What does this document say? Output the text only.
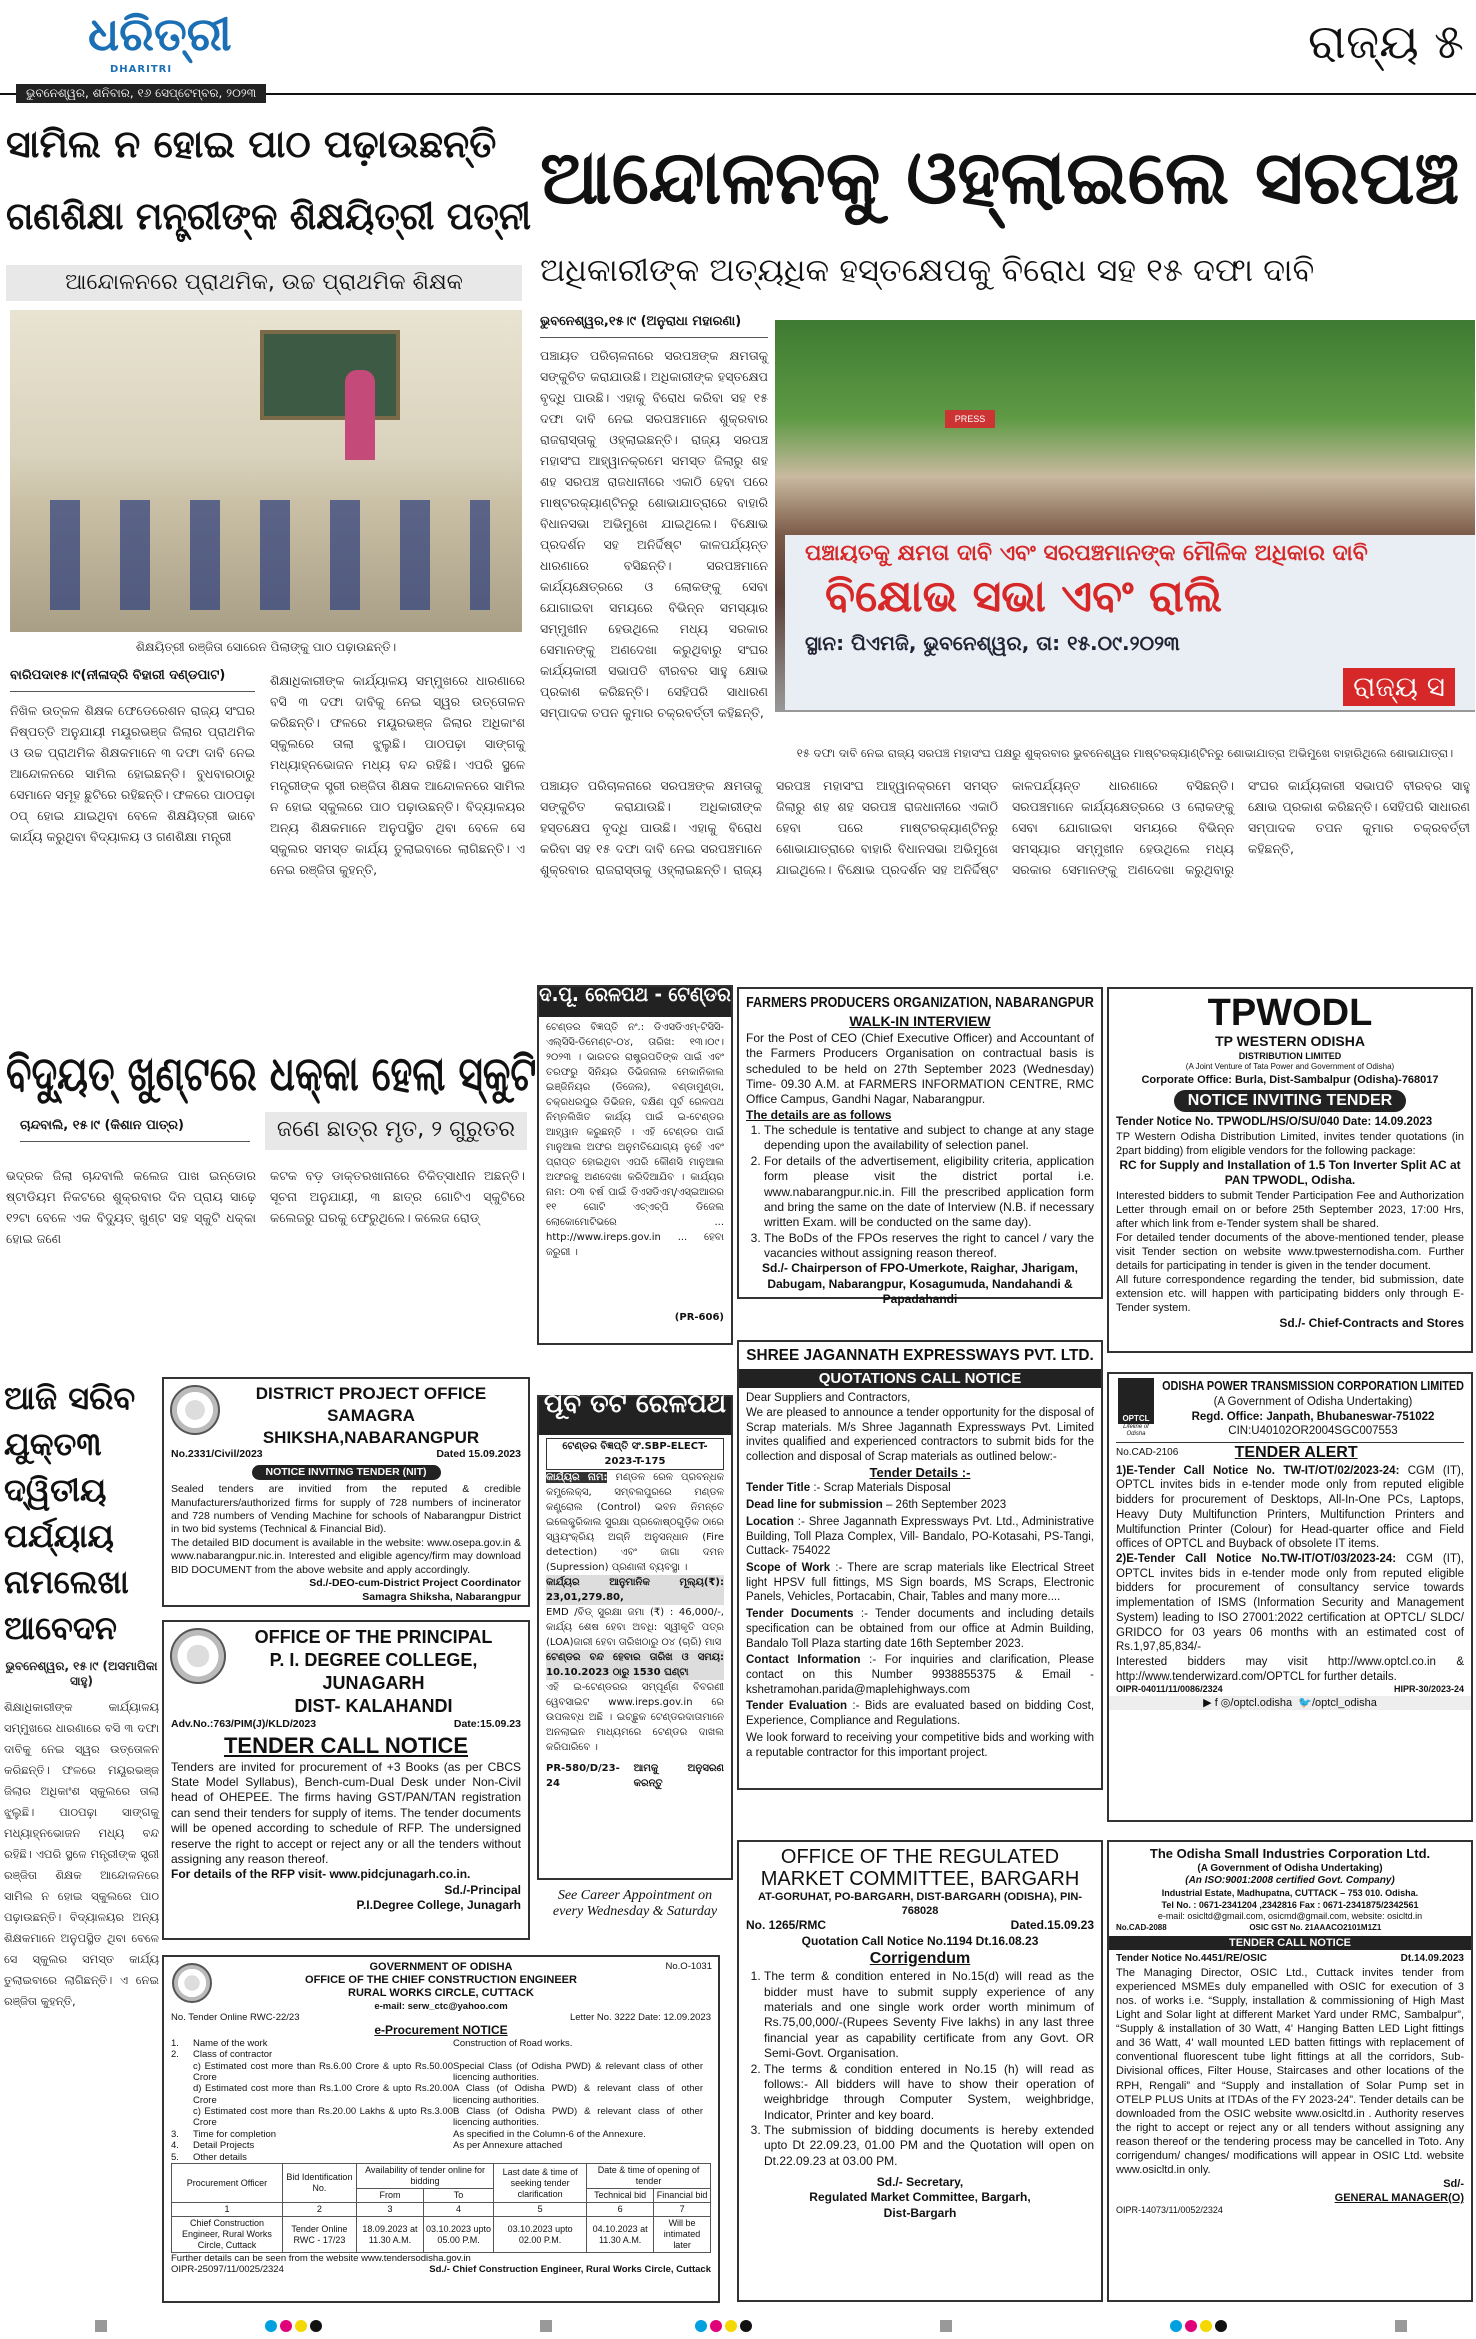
ଧରିତ୍ରୀ
DHARITRI	ରାଜ୍ୟ ୫
ଭୁବନେଶ୍ୱର, ଶନିବାର, ୧୬ ସେପ୍ଟେମ୍ବର, ୨୦୨୩
ସାମିଲ ନ ହୋଇ ପାଠ ପଢ଼ାଉଛନ୍ତି
ଗଣଶିକ୍ଷା ମନ୍ତ୍ରୀଙ୍କ ଶିକ୍ଷୟିତ୍ରୀ ପତ୍ନୀ
ଆନ୍ଦୋଳନରେ ପ୍ରାଥମିକ, ଉଚ୍ଚ ପ୍ରାଥମିକ ଶିକ୍ଷକ
ଶିକ୍ଷୟିତ୍ରୀ ରଞ୍ଜିତା ସୋରେନ ପିଲାଙ୍କୁ ପାଠ ପଢ଼ାଉଛନ୍ତି।
ବାରିପଦା୧୫।୯(ନୀଳାଦ୍ରି ବିହାରୀ ଦଣ୍ଡପାଟ)
ନିଖିଳ ଉତ୍କଳ ଶିକ୍ଷକ ଫେଡେରେଶନ ରାଜ୍ୟ ସଂଘର ନିଷ୍ପତ୍ତି ଅନୁଯାୟୀ ମୟୂରଭଞ୍ଜ ଜିଲାର ପ୍ରାଥମିକ ଓ ଉଚ୍ଚ ପ୍ରାଥମିକ ଶିକ୍ଷକମାନେ ୩ ଦଫା ଦାବି ନେଇ ଆନ୍ଦୋଳନରେ ସାମିଲ ହୋଇଛନ୍ତି। ବୁଧବାରଠାରୁ ସେମାନେ ସମୂହ ଛୁଟିରେ ରହିଛନ୍ତି। ଫଳରେ ପାଠପଢ଼ା ଠପ୍ ହୋଇ ଯାଇଥିବା ବେଳେ ଶିକ୍ଷୟିତ୍ରୀ ଭାବେ କାର୍ଯ୍ୟ କରୁଥିବା ବିଦ୍ୟାଳୟ ଓ ଗଣଶିକ୍ଷା ମନ୍ତ୍ରୀ
ଶିକ୍ଷାଧିକାରୀଙ୍କ କାର୍ଯ୍ୟାଳୟ ସମ୍ମୁଖରେ ଧାରଣାରେ ବସି ୩ ଦଫା ଦାବିକୁ ନେଇ ସ୍ୱର ଉତ୍ତୋଳନ କରିଛନ୍ତି। ଫଳରେ ମୟୂରଭଞ୍ଜ ଜିଲାର ଅଧିକାଂଶ ସ୍କୁଲରେ ତାଲା ଝୁଲୁଛି। ପାଠପଢ଼ା ସାଙ୍ଗକୁ ମଧ୍ୟାହ୍ନଭୋଜନ ମଧ୍ୟ ବନ୍ଦ ରହିଛି। ଏପରି ସ୍ଥଳେ ମନ୍ତ୍ରୀଙ୍କ ସ୍ତ୍ରୀ ରଞ୍ଜିତା ଶିକ୍ଷକ ଆନ୍ଦୋଳନରେ ସାମିଲ ନ ହୋଇ ସ୍କୁଲରେ ପାଠ ପଢ଼ାଉଛନ୍ତି। ବିଦ୍ୟାଳୟର ଅନ୍ୟ ଶିକ୍ଷକମାନେ ଅନୁପସ୍ଥିତ ଥିବା ବେଳେ ସେ ସ୍କୁଲର ସମସ୍ତ କାର୍ଯ୍ୟ ତୁଲାଇବାରେ ଲାଗିଛନ୍ତି। ଏ ନେଇ ରଞ୍ଜିତା କୁହନ୍ତି,
ଆନ୍ଦୋଳନକୁ ଓହ୍ଲାଇଲେ ସରପଞ୍ଚ
ଅଧିକାରୀଙ୍କ ଅତ୍ୟଧିକ ହସ୍ତକ୍ଷେପକୁ ବିରୋଧ ସହ ୧୫ ଦଫା ଦାବି
ଭୁବନେଶ୍ୱର,୧୫।୯ (ଅନୁରାଧା ମହାରଣା)
ପଞ୍ଚାୟତ ପରିଚାଳନାରେ ସରପଞ୍ଚଙ୍କ କ୍ଷମତାକୁ ସଙ୍କୁଚିତ କରାଯାଉଛି। ଅଧିକାରୀଙ୍କ ହସ୍ତକ୍ଷେପ ବୃଦ୍ଧି ପାଉଛି। ଏହାକୁ ବିରୋଧ କରିବା ସହ ୧୫ ଦଫା ଦାବି ନେଇ ସରପଞ୍ଚମାନେ ଶୁକ୍ରବାର ରାଜରାସ୍ତାକୁ ଓହ୍ଲାଇଛନ୍ତି। ରାଜ୍ୟ ସରପଞ୍ଚ ମହାସଂଘ ଆହ୍ୱାନକ୍ରମେ ସମସ୍ତ ଜିଲାରୁ ଶହ ଶହ ସରପଞ୍ଚ ରାଜଧାନୀରେ ଏକାଠି ହେବା ପରେ ମାଷ୍ଟରକ୍ୟାଣ୍ଟିନରୁ ଶୋଭାଯାତ୍ରାରେ ବାହାରି ବିଧାନସଭା ଅଭିମୁଖେ ଯାଇଥିଲେ। ବିକ୍ଷୋଭ ପ୍ରଦର୍ଶନ ସହ ଅନିର୍ଦ୍ଦିଷ୍ଟ କାଳପର୍ଯ୍ୟନ୍ତ ଧାରଣାରେ ବସିଛନ୍ତି। ସରପଞ୍ଚମାନେ କାର୍ଯ୍ୟକ୍ଷେତ୍ରରେ ଓ ଲୋକଙ୍କୁ ସେବା ଯୋଗାଇବା ସମୟରେ ବିଭିନ୍ନ ସମସ୍ୟାର ସମ୍ମୁଖୀନ ହେଉଥିଲେ ମଧ୍ୟ ସରକାର ସେମାନଙ୍କୁ ଅଣଦେଖା କରୁଥିବାରୁ ସଂଘର କାର୍ଯ୍ୟକାରୀ ସଭାପତି ବୀରବର ସାହୁ କ୍ଷୋଭ ପ୍ରକାଶ କରିଛନ୍ତି। ସେହିପରି ସାଧାରଣ ସମ୍ପାଦକ ତପନ କୁମାର ଚକ୍ରବର୍ତ୍ତୀ କହିଛନ୍ତି,
PRESS
ପଞ୍ଚାୟତକୁ କ୍ଷମତା ଦାବି ଏବଂ ସରପଞ୍ଚମାନଙ୍କ ମୌଳିକ ଅଧିକାର ଦାବି
ବିକ୍ଷୋଭ ସଭା ଏବଂ ରାଲି
ସ୍ଥାନ: ପିଏମଜି, ଭୁବନେଶ୍ୱର, ତା: ୧୫.୦୯.୨୦୨୩
ରାଜ୍ୟ ସ
୧୫ ଦଫା ଦାବି ନେଇ ରାଜ୍ୟ ସରପଞ୍ଚ ମହାସଂଘ ପକ୍ଷରୁ ଶୁକ୍ରବାର ଭୁବନେଶ୍ୱର ମାଷ୍ଟରକ୍ୟାଣ୍ଟିନରୁ ଶୋଭାଯାତ୍ରା ଅଭିମୁଖେ ବାହାରିଥିଲେ ଶୋଭାଯାତ୍ରା।
ପଞ୍ଚାୟତ ପରିଚାଳନାରେ ସରପଞ୍ଚଙ୍କ କ୍ଷମତାକୁ ସଙ୍କୁଚିତ କରାଯାଉଛି। ଅଧିକାରୀଙ୍କ ହସ୍ତକ୍ଷେପ ବୃଦ୍ଧି ପାଉଛି। ଏହାକୁ ବିରୋଧ କରିବା ସହ ୧୫ ଦଫା ଦାବି ନେଇ ସରପଞ୍ଚମାନେ ଶୁକ୍ରବାର ରାଜରାସ୍ତାକୁ ଓହ୍ଲାଇଛନ୍ତି। ରାଜ୍ୟ ସରପଞ୍ଚ ମହାସଂଘ ଆହ୍ୱାନକ୍ରମେ ସମସ୍ତ ଜିଲାରୁ ଶହ ଶହ ସରପଞ୍ଚ ରାଜଧାନୀରେ ଏକାଠି ହେବା ପରେ ମାଷ୍ଟରକ୍ୟାଣ୍ଟିନରୁ ଶୋଭାଯାତ୍ରାରେ ବାହାରି ବିଧାନସଭା ଅଭିମୁଖେ ଯାଇଥିଲେ। ବିକ୍ଷୋଭ ପ୍ରଦର୍ଶନ ସହ ଅନିର୍ଦ୍ଦିଷ୍ଟ କାଳପର୍ଯ୍ୟନ୍ତ ଧାରଣାରେ ବସିଛନ୍ତି। ସରପଞ୍ଚମାନେ କାର୍ଯ୍ୟକ୍ଷେତ୍ରରେ ଓ ଲୋକଙ୍କୁ ସେବା ଯୋଗାଇବା ସମୟରେ ବିଭିନ୍ନ ସମସ୍ୟାର ସମ୍ମୁଖୀନ ହେଉଥିଲେ ମଧ୍ୟ ସରକାର ସେମାନଙ୍କୁ ଅଣଦେଖା କରୁଥିବାରୁ ସଂଘର କାର୍ଯ୍ୟକାରୀ ସଭାପତି ବୀରବର ସାହୁ କ୍ଷୋଭ ପ୍ରକାଶ କରିଛନ୍ତି। ସେହିପରି ସାଧାରଣ ସମ୍ପାଦକ ତପନ କୁମାର ଚକ୍ରବର୍ତ୍ତୀ କହିଛନ୍ତି,
ବିଦ୍ୟୁତ୍ ଖୁଣ୍ଟରେ ଧକ୍କା ହେଲା ସ୍କୁଟି
ଚାନ୍ଦବାଲି, ୧୫।୯ (କିଶାନ ପାତ୍ର)	ଜଣେ ଛାତ୍ର ମୃତ, ୨ ଗୁରୁତର
ଭଦ୍ରକ ଜିଲା ଚାନ୍ଦବାଲି କଲେଜ ପାଖ ଇନ୍‌ଡୋର ଷ୍ଟାଡିୟମ ନିକଟରେ ଶୁକ୍ରବାର ଦିନ ପ୍ରାୟ ସାଢ଼େ ୧୨ଟା ବେଳେ ଏକ ବିଦ୍ୟୁତ୍ ଖୁଣ୍ଟ ସହ ସ୍କୁଟି ଧକ୍କା ହୋଇ ଜଣେ
କଟକ ବଡ଼ ଡାକ୍ତରଖାନାରେ ଚିକିତ୍ସାଧୀନ ଅଛନ୍ତି। ସୂଚନା ଅନୁଯାୟୀ, ୩ ଛାତ୍ର ଗୋଟିଏ ସ୍କୁଟିରେ କଲେଜରୁ ଘରକୁ ଫେରୁଥିଲେ। କଲେଜ ରୋଡ୍
ଆଜି ସରିବ ଯୁକ୍ତ୩ ଦ୍ୱିତୀୟ ପର୍ଯ୍ୟାୟ ନାମଲେଖା ଆବେଦନ
ଭୁବନେଶ୍ୱର, ୧୫।୯ (ଅସମାପିକା ସାହୁ)
ଶିକ୍ଷାଧିକାରୀଙ୍କ କାର୍ଯ୍ୟାଳୟ ସମ୍ମୁଖରେ ଧାରଣାରେ ବସି ୩ ଦଫା ଦାବିକୁ ନେଇ ସ୍ୱର ଉତ୍ତୋଳନ କରିଛନ୍ତି। ଫଳରେ ମୟୂରଭଞ୍ଜ ଜିଲାର ଅଧିକାଂଶ ସ୍କୁଲରେ ତାଲା ଝୁଲୁଛି। ପାଠପଢ଼ା ସାଙ୍ଗକୁ ମଧ୍ୟାହ୍ନଭୋଜନ ମଧ୍ୟ ବନ୍ଦ ରହିଛି। ଏପରି ସ୍ଥଳେ ମନ୍ତ୍ରୀଙ୍କ ସ୍ତ୍ରୀ ରଞ୍ଜିତା ଶିକ୍ଷକ ଆନ୍ଦୋଳନରେ ସାମିଲ ନ ହୋଇ ସ୍କୁଲରେ ପାଠ ପଢ଼ାଉଛନ୍ତି। ବିଦ୍ୟାଳୟର ଅନ୍ୟ ଶିକ୍ଷକମାନେ ଅନୁପସ୍ଥିତ ଥିବା ବେଳେ ସେ ସ୍କୁଲର ସମସ୍ତ କାର୍ଯ୍ୟ ତୁଲାଇବାରେ ଲାଗିଛନ୍ତି। ଏ ନେଇ ରଞ୍ଜିତା କୁହନ୍ତି,
ଦ.ପୂ. ରେଳପଥ - ଟେଣ୍ଡର
ଟେଣ୍ଡର ବିଜ୍ଞପ୍ତି ନଂ.: ଡିଏସଡିଏମ୍-ଟିସିସି-ଏଲ୍‌ସିସି-ଡିମେଣ୍ଟ-୦୪, ତାରିଖ: ୧୩।୦୯।୨୦୨୩ । ଭାରତର ରାଷ୍ଟ୍ରପତିଙ୍କ ପାଇଁ ଏବଂ ତରଫରୁ ସିନିୟର ଡିଭିଜନାଲ ମେକାନିକାଲ ଇଞ୍ଜିନିୟର (ଡିଜେଲ), ବଣ୍ଡାମୁଣ୍ଡା, ଚକ୍ରଧରପୁର ଡିଭିଜନ, ଦକ୍ଷିଣ ପୂର୍ବ ରେଳପଥ ନିମ୍ନଲିଖିତ କାର୍ଯ୍ୟ ପାଇଁ ଇ-ଟେଣ୍ଡର ଆହ୍ୱାନ କରୁଛନ୍ତି । ଏହି ଟେଣ୍ଡର ପାଇଁ ମାନୁଆଲ ଅଫର ଅନୁମତିଯୋଗ୍ୟ ନୁହେଁ ଏବଂ ପ୍ରାପ୍ତ ହୋଇଥିବା ଏପରି କୌଣସି ମାନୁଆଲ ଅଫରକୁ ଅଣଦେଖା କରିଦିଆଯିବ । କାର୍ଯ୍ୟର ନାମ: ୦୩ ବର୍ଷ ପାଇଁ ଡିଏସଡିଏମ୍/ଏସ୍‌ଇଆରର ୧୧ ଗୋଟି ଏଚ୍‌ଏଚ୍‌ପି ଡିଜେଲ ଲୋକୋମୋଟିଭରେ ... http://www.ireps.gov.in ... ହେବା ଜରୁରୀ ।
(PR-606)
ପୂର୍ବ ତଟ ରେଳପଥ
ଟେଣ୍ଡର ବିଜ୍ଞପ୍ତି ସଂ.SBP-ELECT-2023-T-175
କାର୍ଯ୍ୟର ନାମ: ମଣ୍ଡଳ ରେଳ ପ୍ରବନ୍ଧକ କମ୍ପ୍ଲେକ୍ସ, ସମ୍ବଲପୁରରେ ମଣ୍ଡଳ କଣ୍ଟ୍ରୋଲ (Control) ଭବନ ନିମନ୍ତେ ଇଲେକ୍ଟ୍ରିକାଲ ସୁରକ୍ଷା ପ୍ରକୋଷ୍ଠଗୁଡ଼ିକ ଠାରେ ସ୍ୱୟଂକ୍ରିୟ ଅଗ୍ନି ଅନୁସନ୍ଧାନ (Fire detection) ଏବଂ ଜାଗା ଦମନ (Supression) ପ୍ରଣାଳୀ ବ୍ୟବସ୍ଥା ।
କାର୍ଯ୍ୟର ଆନୁମାନିକ ମୂଲ୍ୟ(₹): 23,01,279.80,
EMD /ବିଡ୍ ସୁରକ୍ଷା ଜମା (₹) : 46,000/-, କାର୍ଯ୍ୟ ଶେଷ ହେବା ଅବଧି: ସ୍ୱୀକୃତି ପତ୍ର (LOA)ଜାରୀ ହେବା ତାରିଖଠାରୁ ୦୪ (ଚାରି) ମାସ
ଟେଣ୍ଡର ବନ୍ଦ ହେବାର ତାରିଖ ଓ ସମୟ: 10.10.2023 ଠାରୁ 1530 ଘଣ୍ଟା
ଏହି ଇ-ଟେଣ୍ଡରର ସମ୍ପୂର୍ଣ୍ଣ ବିବରଣୀ ୱେବସାଇଟ www.ireps.gov.in ରେ ଉପଲବ୍ଧ ଅଛି । ଇଚ୍ଛୁକ ଟେଣ୍ଡରଦାତାମାନେ ଅନଲାଇନ ମାଧ୍ୟମରେ ଟେଣ୍ଡର ଦାଖଲ କରିପାରିବେ ।
PR-580/D/23-24
ଆମକୁ ଅନୁସରଣ କରନ୍ତୁ
See Career Appointment on every Wednesday & Saturday
FARMERS PRODUCERS ORGANIZATION, NABARANGPUR
WALK-IN INTERVIEW
For the Post of CEO (Chief Executive Officer) and Accountant of the Farmers Producers Organisation on contractual basis is scheduled to be held on 27th September 2023 (Wednesday) Time- 09.30 A.M. at FARMERS INFORMATION CENTRE, RMC Office Campus, Gandhi Nagar, Nabarangpur.
The details are as follows
1. The schedule is tentative and subject to change at any stage depending upon the availability of selection panel.
2. For details of the advertisement, eligibility criteria, application form please visit the district portal i.e. www.nabarangpur.nic.in. Fill the prescribed application form and bring the same on the date of Interview (N.B. if necessary written Exam. will be conducted on the same day).
3. The BoDs of the FPOs reserves the right to cancel / vary the vacancies without assigning reason thereof.
Sd./- Chairperson of FPO-Umerkote, Raighar, Jharigam, Dabugam, Nabarangpur, Kosagumuda, Nandahandi & Papadahandi
TPWODL
TP WESTERN ODISHA
DISTRIBUTION LIMITED
(A Joint Venture of Tata Power and Government of Odisha)
Corporate Office: Burla, Dist-Sambalpur (Odisha)-768017
NOTICE INVITING TENDER
Tender Notice No. TPWODL/HS/O/SU/040 Date: 14.09.2023
TP Western Odisha Distribution Limited, invites tender quotations (in 2part bidding) from eligible vendors for the following package:
RC for Supply and Installation of 1.5 Ton Inverter Split AC at PAN TPWODL, Odisha.
Interested bidders to submit Tender Participation Fee and Authorization Letter through email on or before 25th September 2023, 17:00 Hrs, after which link from e-Tender system shall be shared.
For detailed tender documents of the above-mentioned tender, please visit Tender section on website www.tpwesternodisha.com. Further details for participating in tender is given in the tender document.
All future correspondence regarding the tender, bid submission, date extension etc. will happen with participating bidders only through E-Tender system.
Sd./- Chief-Contracts and Stores
SHREE JAGANNATH EXPRESSWAYS PVT. LTD.
QUOTATIONS CALL NOTICE
Dear Suppliers and Contractors,
We are pleased to announce a tender opportunity for the disposal of Scrap materials. M/s Shree Jagannath Expressways Pvt. Limited invites qualified and experienced contractors to submit bids for the collection and disposal of Scrap materials as outlined below:-
Tender Details :-
Tender Title :- Scrap Materials Disposal
Dead line for submission – 26th September 2023
Location :- Shree Jagannath Expressways Pvt. Ltd., Administrative Building, Toll Plaza Complex, Vill- Bandalo, PO-Kotasahi, PS-Tangi, Cuttack- 754022
Scope of Work :- There are scrap materials like Electrical Street light HPSV full fittings, MS Sign boards, MS Scraps, Electronic Panels, Vehicles, Portacabin, Chair, Tables and many more....
Tender Documents :- Tender documents and including details specification can be obtained from our office at Admin Building, Bandalo Toll Plaza starting date 16th September 2023.
Contact Information :- For inquiries and clarification, Please contact on this Number 9938855375 & Email -kshetramohan.parida@maplehighways.com
Tender Evaluation :- Bids are evaluated based on bidding Cost, Experience, Compliance and Regulations.
We look forward to receiving your competitive bids and working with a reputable contractor for this important project.
OPTCL
Lifeline of Odisha
ODISHA POWER TRANSMISSION CORPORATION LIMITED
(A Government of Odisha Undertaking)
Regd. Office: Janpath, Bhubaneswar-751022
CIN:U40102OR2004SGC007553
No.CAD-2106	TENDER ALERT
1)E-Tender Call Notice No. TW-IT/OT/02/2023-24: CGM (IT), OPTCL invites bids in e-tender mode only from reputed eligible bidders for procurement of Desktops, All-In-One PCs, Laptops, Heavy Duty Multifunction Printers, Multifunction Printers and Multifunction Printer (Colour) for Head-quarter office and Field offices of OPTCL and Buyback of obsolete IT items.
2)E-Tender Call Notice No.TW-IT/OT/03/2023-24: CGM (IT), OPTCL invites bids in e-tender mode only from reputed eligible bidders for procurement of consultancy service towards implementation of ISMS (Information Security and Management System) leading to ISO 27001:2022 certification at OPTCL/ SLDC/ GRIDCO for 03 years 06 months with an estimated cost of Rs.1,97,85,834/-
Interested bidders may visit http://www.optcl.co.in & http://www.tenderwizard.com/OPTCL for further details.
OIPR-04011/11/0086/2324	HIPR-30/2023-24
▶ f ◎/optcl.odisha 🐦/optcl_odisha
OFFICE OF THE REGULATED MARKET COMMITTEE, BARGARH
AT-GORUHAT, PO-BARGARH, DIST-BARGARH (ODISHA), PIN-768028
No. 1265/RMC	Dated.15.09.23
Quotation Call Notice No.1194 Dt.16.08.23
Corrigendum
1. The term & condition entered in No.15(d) will read as the bidder must have to submit supply experience of any materials and one single work order worth minimum of Rs.75,00,000/-(Rupees Seventy Five lakhs) in any last three financial year as capability certificate from any Govt. OR Semi-Govt. Organisation.
2. The terms & condition entered in No.15 (h) will read as follows:- All bidders will have to show their operation of weighbridge through Computer System, weighbridge, Indicator, Printer and key board.
3. The submission of bidding documents is hereby extended upto Dt 22.09.23, 01.00 PM and the Quotation will open on Dt.22.09.23 at 03.00 PM.
Sd./- Secretary,
Regulated Market Committee, Bargarh,
Dist-Bargarh
The Odisha Small Industries Corporation Ltd.
(A Government of Odisha Undertaking)
(An ISO:9001:2008 certified Govt. Company)
Industrial Estate, Madhupatna, CUTTACK – 753 010. Odisha.
Tel No. : 0671-2341204 ,2342816 Fax : 0671-2341875/2342561
e-mail: osicltd@gmail.com, osicmd@gmail.com, website: osicltd.in
No.CAD-2088	OSIC GST No. 21AAACO2101M1Z1
TENDER CALL NOTICE
Tender Notice No.4451/RE/OSIC	Dt.14.09.2023
The Managing Director, OSIC Ltd., Cuttack invites tender from experienced MSMEs duly empanelled with OSIC for execution of 3 nos. of works i.e. “Supply, installation & commissioning of High Mast Light and Solar light at different Market Yard under RMC, Sambalpur”, “Supply & installation of 30 Watt, 4' Hanging Batten LED Light fittings and 36 Watt, 4' wall mounted LED batten fittings with replacement of conventional fluorescent tube light fittings at all the corridors, Sub-Divisional offices, Filter House, Staircases and other locations of the RPH, Rengali” and “Supply and installation of Solar Pump set in OTELP PLUS Units at ITDAs of the FY 2023-24”. Tender details can be downloaded from the OSIC website www.osicltd.in . Authority reserves the right to accept or reject any or all tenders without assigning any reason thereof or the tendering process may be cancelled in Toto. Any corrigendum/ changes/ modifications will appear in OSIC Ltd. website www.osicltd.in only.
Sd/-
GENERAL MANAGER(O)
OIPR-14073/11/0052/2324
DISTRICT PROJECT OFFICE
SAMAGRA SHIKSHA,NABARANGPUR
No.2331/Civil/2023	Dated 15.09.2023
NOTICE INVITING TENDER (NIT)
Sealed tenders are invitied from the reputed & credible Manufacturers/authorized firms for supply of 728 numbers of incinerator and 728 numbers of Vending Machine for schools of Nabarangpur District in two bid systems (Technical & Financial Bid).
The detailed BID document is available in the website: www.osepa.gov.in & www.nabarangpur.nic.in. Interested and eligible agency/firm may download BID DOCUMENT from the above website and apply accordingly.
Sd./-DEO-cum-District Project Coordinator
Samagra Shiksha, Nabarangpur
OFFICE OF THE PRINCIPAL
P. I. DEGREE COLLEGE, JUNAGARH
DIST- KALAHANDI
Adv.No.:763/PIM(J)/KLD/2023	Date:15.09.23
TENDER CALL NOTICE
Tenders are invited for procurement of +3 Books (as per CBCS State Model Syllabus), Bench-cum-Dual Desk under Non-Civil head of OHEPEE. The firms having GST/PAN/TAN registration can send their tenders for supply of items. The tender documents will be opened according to schedule of RFP. The undersigned reserve the right to accept or reject any or all the tenders without assigning any reason thereof.
For details of the RFP visit- www.pidcjunagarh.co.in.
Sd./-Principal
P.I.Degree College, Junagarh
No.O-1031
GOVERNMENT OF ODISHA
OFFICE OF THE CHIEF CONSTRUCTION ENGINEER
RURAL WORKS CIRCLE, CUTTACK
e-mail: serw_ctc@yahoo.com
No. Tender Online RWC-22/23	Letter No. 3222 Date: 12.09.2023
e-Procurement NOTICE
1.	Name of the work	Construction of Road works.
2.	Class of contractor
c) Estimated cost more than Rs.6.00 Crore & upto Rs.50.00 Crore
Special Class (of Odisha PWD) & relevant class of other licencing authorities.
d) Estimated cost more than Rs.1.00 Crore & upto Rs.20.00 Crore
A Class (of Odisha PWD) & relevant class of other licencing authorities.
c) Estimated cost more than Rs.20.00 Lakhs & upto Rs.3.00 Crore
B Class (of Odisha PWD) & relevant class of other licencing authorities.
3.	Time for completion	As specified in the Column-6 of the Annexure.
4.	Detail Projects	As per Annexure attached
5.	Other details
Procurement Officer	Bid Identification No.	Availability of tender online for bidding		Last date & time of seeking tender clarification	Date & time of opening of tender	
		From	To		Technical bid	Financial bid
1	2	3	4	5	6	7
Chief Construction Engineer, Rural Works Circle, Cuttack	Tender Online RWC - 17/23	18.09.2023 at 11.30 A.M.	03.10.2023 upto 05.00 P.M.	03.10.2023 upto 02.00 P.M.	04.10.2023 at 11.30 A.M.	Will be intimated later
Further details can be seen from the website www.tendersodisha.gov.in
OIPR-25097/11/0025/2324	Sd./- Chief Construction Engineer, Rural Works Circle, Cuttack
